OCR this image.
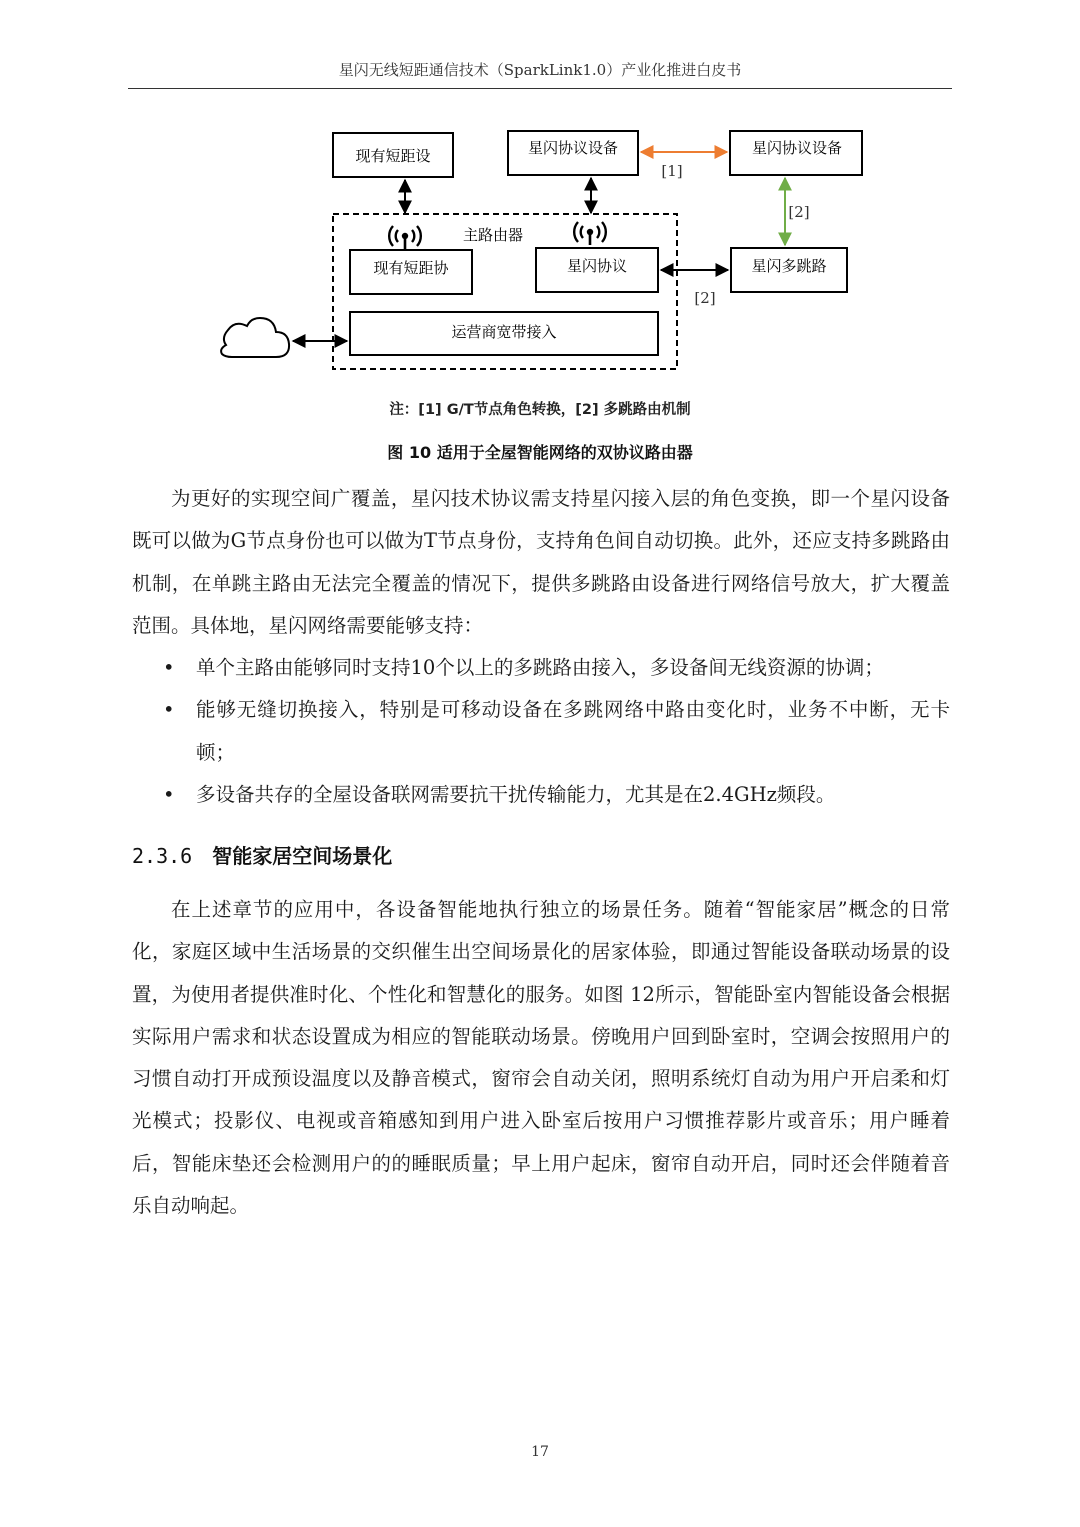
星闪无线短距通信技术（SparkLink1.0）产业化推进白皮书
现有短距设	星闪协议设备	星闪协议设备
现有短距协	星闪协议	星闪多跳路
运营商宽带接入
主路由器
[1]
[2]
[2]
注：[1] G/T节点角色转换，[2] 多跳路由机制
图 10 适用于全屋智能网络的双协议路由器

为更好的实现空间广覆盖，星闪技术协议需支持星闪接入层的角色变换，即一个星闪设备既可以做为G节点身份也可以做为T节点身份，支持角色间自动切换。此外，还应支持多跳路由机制，在单跳主路由无法完全覆盖的情况下，提供多跳路由设备进行网络信号放大，扩大覆盖范围。具体地，星闪网络需要能够支持：

• 单个主路由能够同时支持10个以上的多跳路由接入，多设备间无线资源的协调；
• 能够无缝切换接入，特别是可移动设备在多跳网络中路由变化时，业务不中断，无卡顿；
• 多设备共存的全屋设备联网需要抗干扰传输能力，尤其是在2.4GHz频段。
2.3.6 智能家居空间场景化

在上述章节的应用中，各设备智能地执行独立的场景任务。随着“智能家居”概念的日常化，家庭区域中生活场景的交织催生出空间场景化的居家体验，即通过智能设备联动场景的设置，为使用者提供准时化、个性化和智慧化的服务。如图 12所示，智能卧室内智能设备会根据实际用户需求和状态设置成为相应的智能联动场景。傍晚用户回到卧室时，空调会按照用户的习惯自动打开成预设温度以及静音模式，窗帘会自动关闭，照明系统灯自动为用户开启柔和灯光模式；投影仪、电视或音箱感知到用户进入卧室后按用户习惯推荐影片或音乐；用户睡着后，智能床垫还会检测用户的的睡眠质量；早上用户起床，窗帘自动开启，同时还会伴随着音乐自动响起。

17
